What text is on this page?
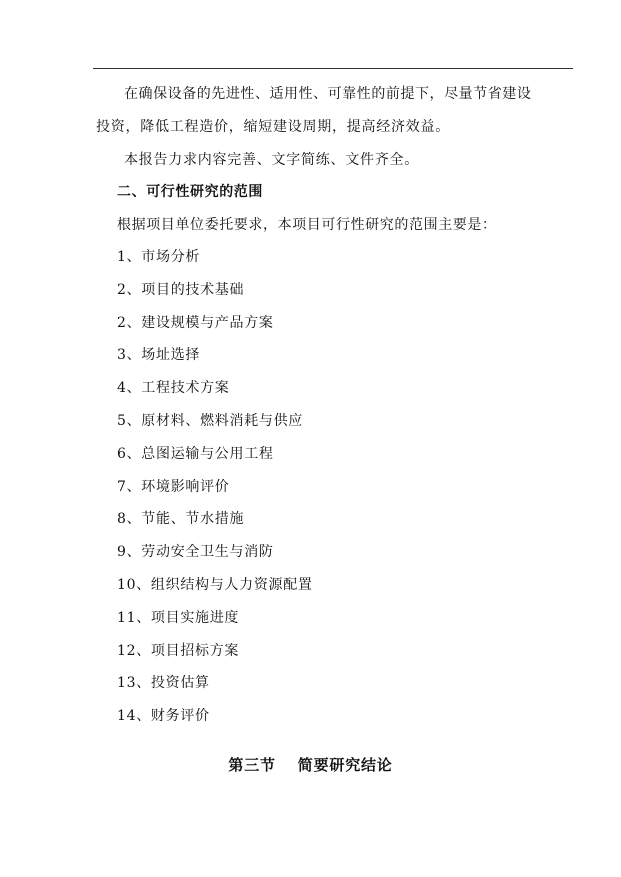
在确保设备的先进性、适用性、可靠性的前提下，尽量节省建设
投资，降低工程造价，缩短建设周期，提高经济效益。
本报告力求内容完善、文字简练、文件齐全。
二、可行性研究的范围
根据项目单位委托要求，本项目可行性研究的范围主要是：
1、市场分析
2、项目的技术基础
2、建设规模与产品方案
3、场址选择
4、工程技术方案
5、原材料、燃料消耗与供应
6、总图运输与公用工程
7、环境影响评价
8、节能、节水措施
9、劳动安全卫生与消防
10、组织结构与人力资源配置
11、项目实施进度
12、项目招标方案
13、投资估算
14、财务评价
第三节 简要研究结论
